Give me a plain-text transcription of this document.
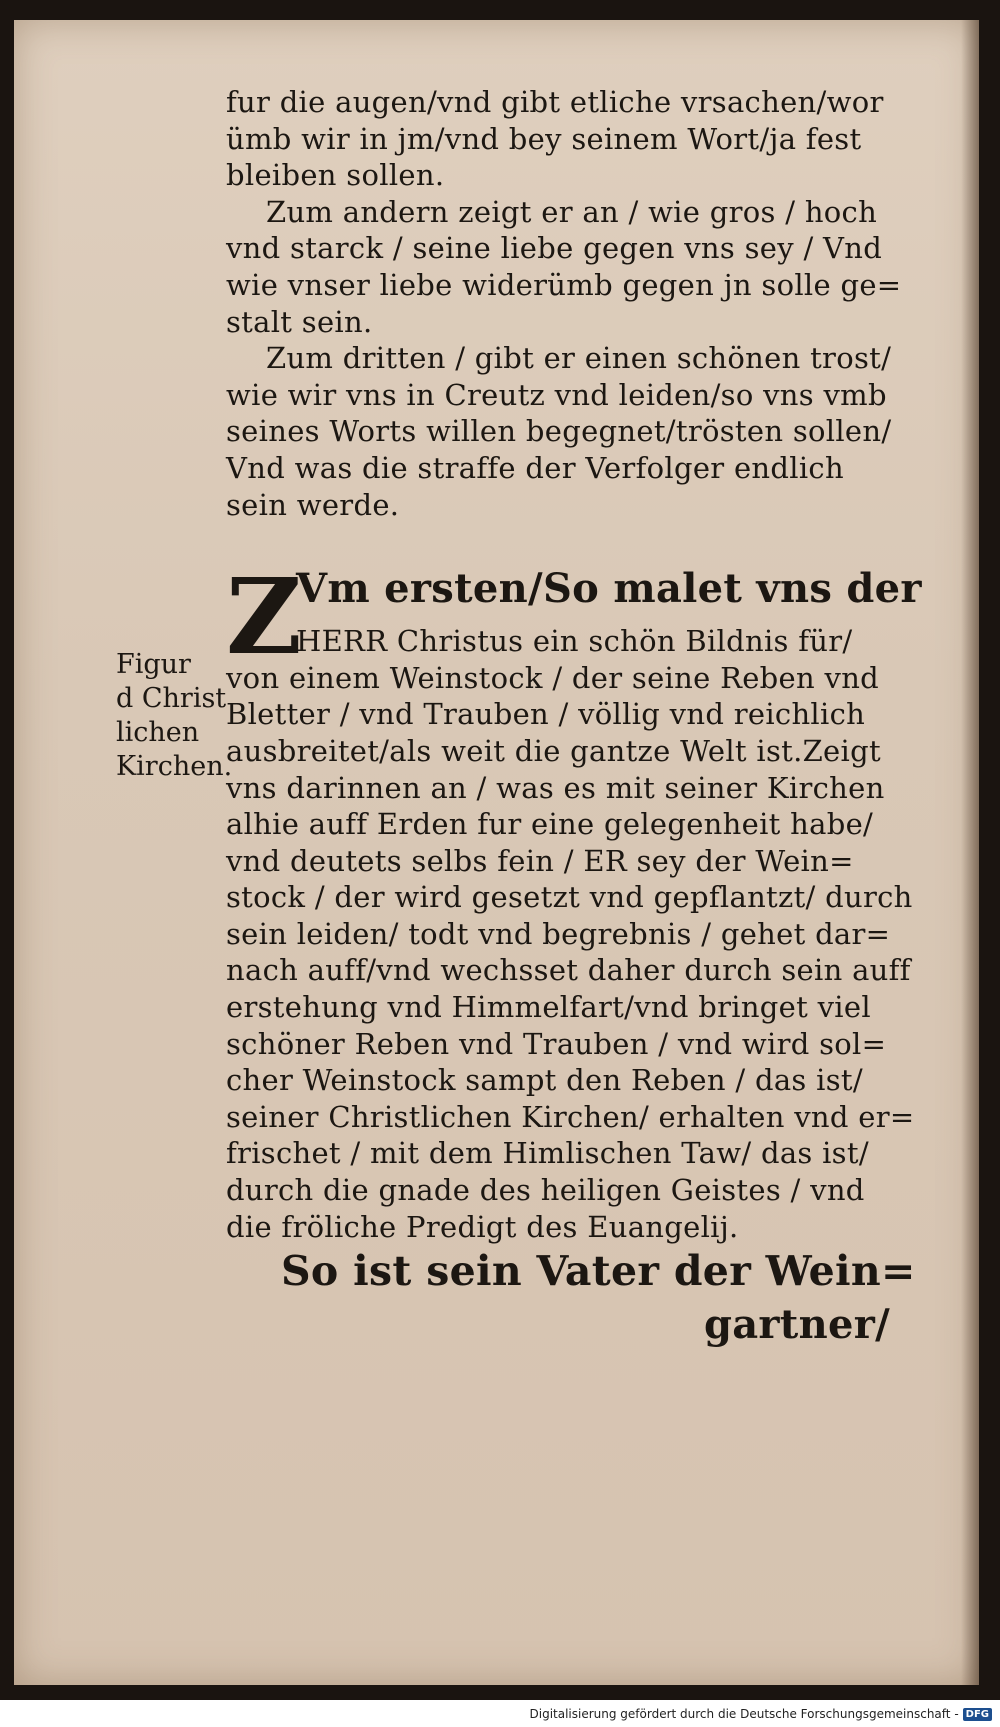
fur die augen/vnd gibt etliche vrsachen/wor
ümb wir in jm/vnd bey seinem Wort/ja fest
bleiben sollen.
Zum andern zeigt er an / wie gros / hoch
vnd starck / seine liebe gegen vns sey / Vnd
wie vnser liebe widerümb gegen jn solle ge=
stalt sein.
Zum dritten / gibt er einen schönen trost/
wie wir vns in Creutz vnd leiden/so vns vmb
seines Worts willen begegnet/trösten sollen/
Vnd was die straffe der Verfolger endlich
sein werde.
Z
Vm ersten/So malet vns der
HERR Christus ein schön Bildnis für/
von einem Weinstock / der seine Reben vnd
Bletter / vnd Trauben / völlig vnd reichlich
ausbreitet/als weit die gantze Welt ist.Zeigt
vns darinnen an / was es mit seiner Kirchen
alhie auff Erden fur eine gelegenheit habe/
vnd deutets selbs fein / ER sey der Wein=
stock / der wird gesetzt vnd gepflantzt/ durch
sein leiden/ todt vnd begrebnis / gehet dar=
nach auff/vnd wechsset daher durch sein auff
erstehung vnd Himmelfart/vnd bringet viel
schöner Reben vnd Trauben / vnd wird sol=
cher Weinstock sampt den Reben / das ist/
seiner Christlichen Kirchen/ erhalten vnd er=
frischet / mit dem Himlischen Taw/ das ist/
durch die gnade des heiligen Geistes / vnd
die fröliche Predigt des Euangelij.
So ist sein Vater der Wein=
gartner/
Figur
d Christ
lichen
Kirchen.
Digitalisierung gefördert durch die Deutsche Forschungsgemeinschaft - DFG
